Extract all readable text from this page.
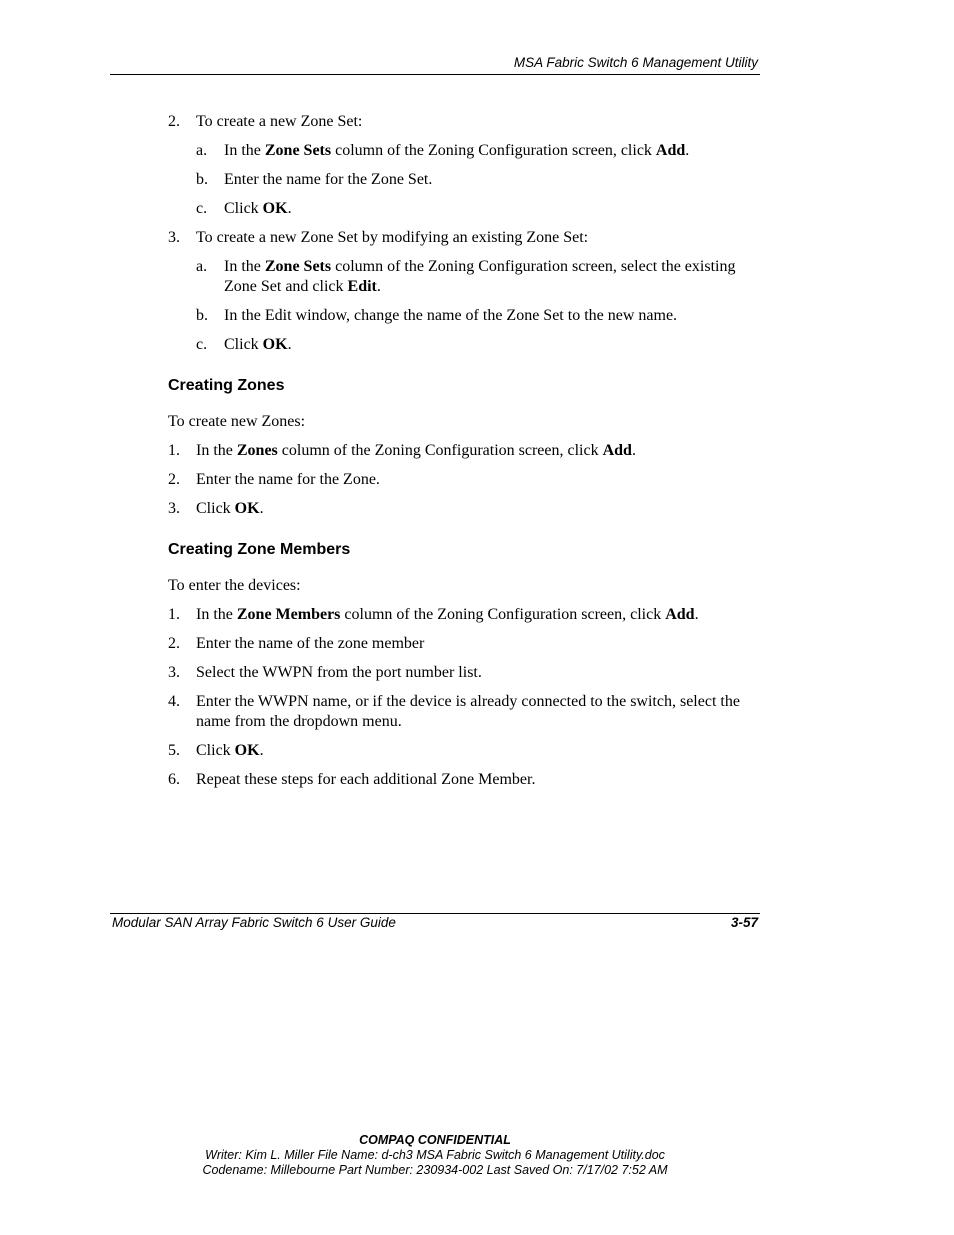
MSA Fabric Switch 6 Management Utility
2.	To create a new Zone Set:
a.	In the Zone Sets column of the Zoning Configuration screen, click Add.
b.	Enter the name for the Zone Set.
c.	Click OK.
3.	To create a new Zone Set by modifying an existing Zone Set:
a.	In the Zone Sets column of the Zoning Configuration screen, select the existing Zone Set and click Edit.
b.	In the Edit window, change the name of the Zone Set to the new name.
c.	Click OK.
Creating Zones
To create new Zones:
1.	In the Zones column of the Zoning Configuration screen, click Add.
2.	Enter the name for the Zone.
3.	Click OK.
Creating Zone Members
To enter the devices:
1.	In the Zone Members column of the Zoning Configuration screen, click Add.
2.	Enter the name of the zone member
3.	Select the WWPN from the port number list.
4.	Enter the WWPN name, or if the device is already connected to the switch, select the name from the dropdown menu.
5.	Click OK.
6.	Repeat these steps for each additional Zone Member.
Modular SAN Array Fabric Switch 6 User Guide	3-57
COMPAQ CONFIDENTIAL
Writer: Kim L. Miller File Name: d-ch3 MSA Fabric Switch 6 Management Utility.doc
Codename: Millebourne Part Number: 230934-002 Last Saved On: 7/17/02 7:52 AM
